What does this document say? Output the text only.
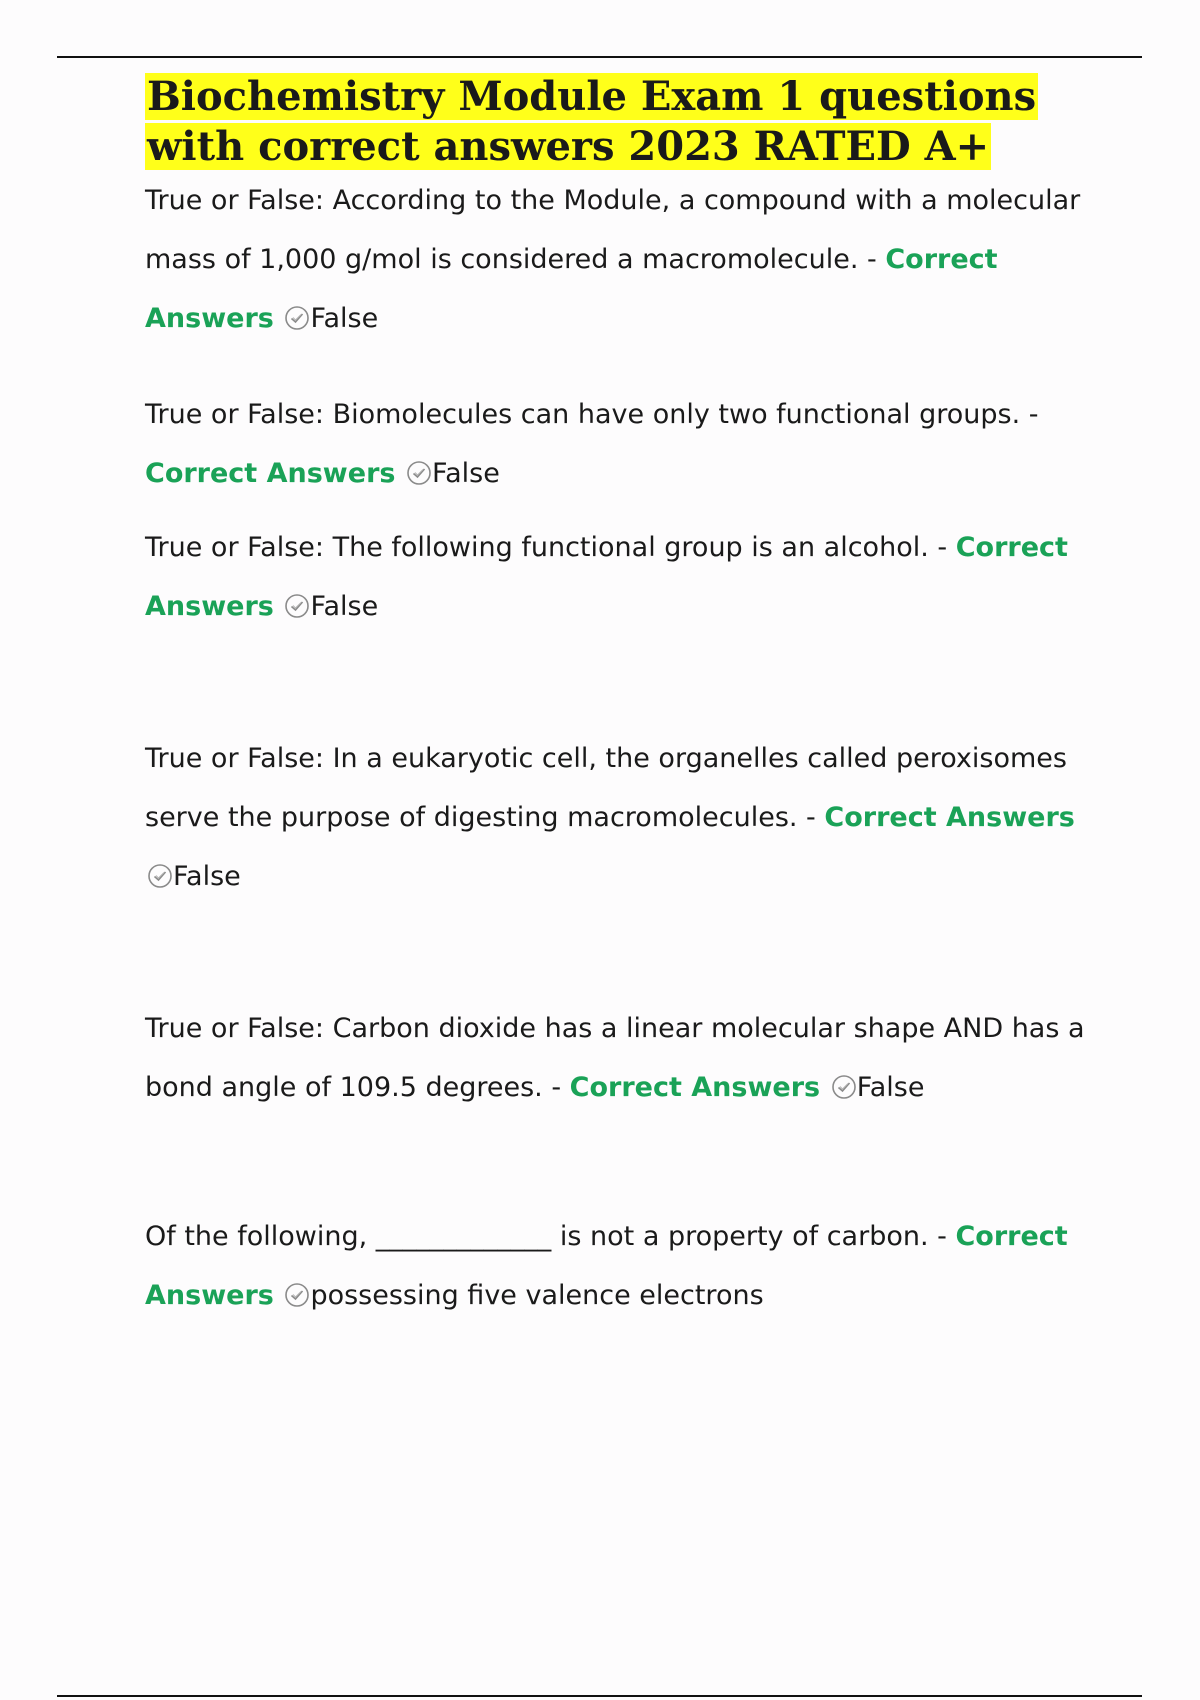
Biochemistry Module Exam 1 questions with correct answers 2023 RATED A+

True or False: According to the Module, a compound with a molecular mass of 1,000 g/mol is considered a macromolecule. - Correct Answers False

True or False: Biomolecules can have only two functional groups. - Correct Answers False

True or False: The following functional group is an alcohol. - Correct Answers False

True or False: In a eukaryotic cell, the organelles called peroxisomes serve the purpose of digesting macromolecules. - Correct Answers
False

True or False: Carbon dioxide has a linear molecular shape AND has a bond angle of 109.5 degrees. - Correct Answers False

Of the following, _____________ is not a property of carbon. - Correct Answers possessing five valence electrons
